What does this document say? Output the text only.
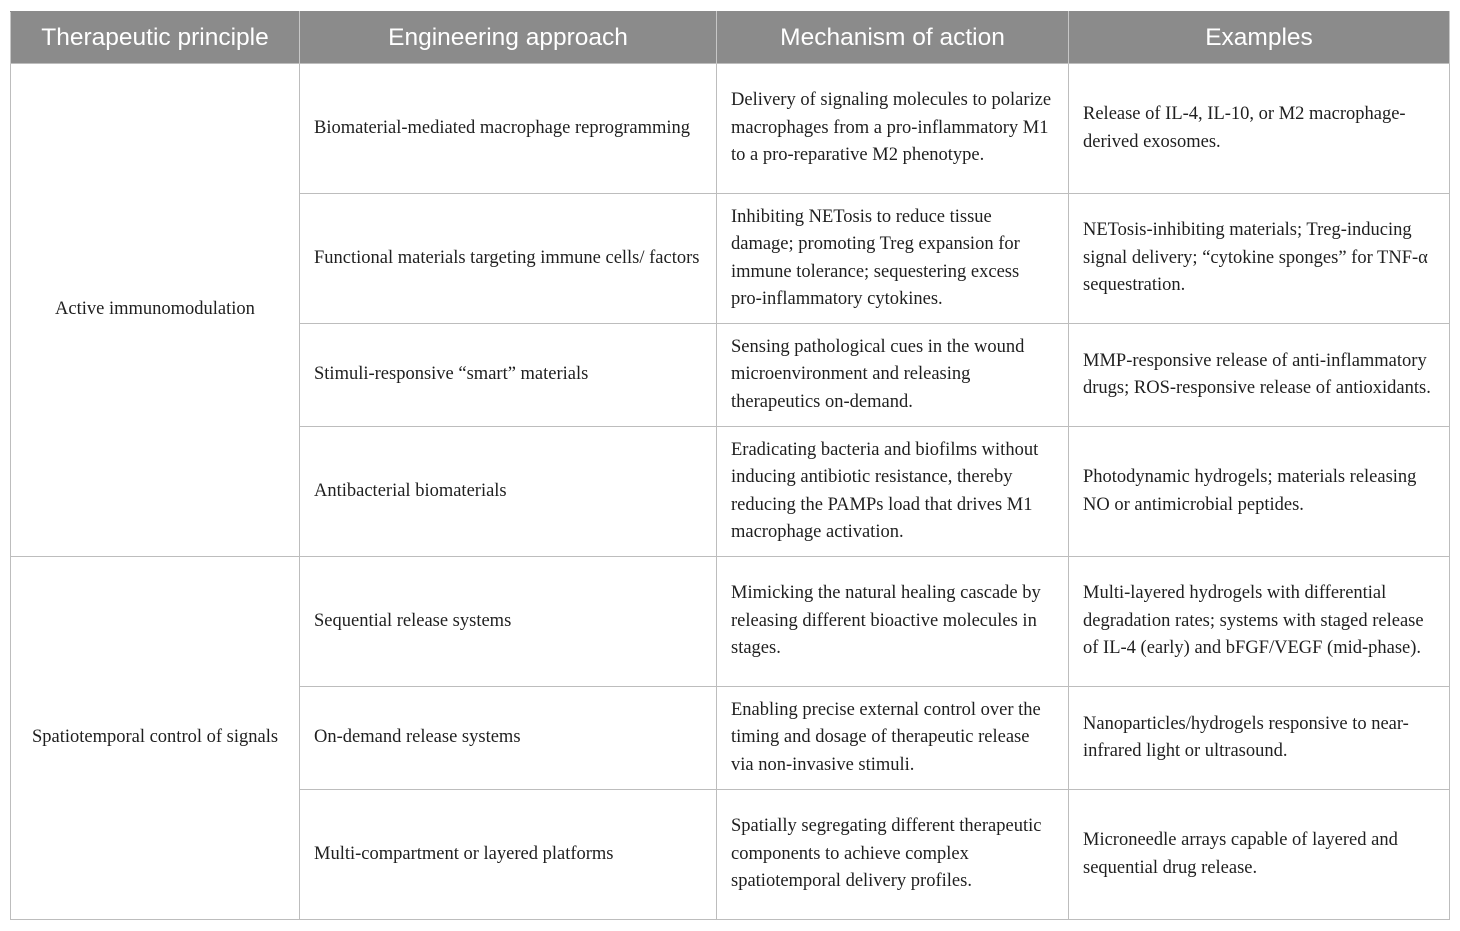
Therapeutic principle	Engineering approach	Mechanism of action	Examples
Active immunomodulation	Biomaterial-mediated macrophage reprogramming	Delivery of signaling molecules to polarize macrophages from a pro-inflammatory M1 to a pro-reparative M2 phenotype.	Release of IL-4, IL-10, or M2 macrophage-derived exosomes.
	Functional materials targeting immune cells/ factors	Inhibiting NETosis to reduce tissue damage; promoting Treg expansion for immune tolerance; sequestering excess pro-inflammatory cytokines.	NETosis-inhibiting materials; Treg-inducing signal delivery; “cytokine sponges” for TNF-α sequestration.
	Stimuli-responsive “smart” materials	Sensing pathological cues in the wound microenvironment and releasing therapeutics on-demand.	MMP-responsive release of anti-inflammatory drugs; ROS-responsive release of antioxidants.
	Antibacterial biomaterials	Eradicating bacteria and biofilms without inducing antibiotic resistance, thereby reducing the PAMPs load that drives M1 macrophage activation.	Photodynamic hydrogels; materials releasing NO or antimicrobial peptides.
Spatiotemporal control of signals	Sequential release systems	Mimicking the natural healing cascade by releasing different bioactive molecules in stages.	Multi-layered hydrogels with differential degradation rates; systems with staged release of IL-4 (early) and bFGF/VEGF (mid-phase).
	On-demand release systems	Enabling precise external control over the timing and dosage of therapeutic release via non-invasive stimuli.	Nanoparticles/hydrogels responsive to near-infrared light or ultrasound.
	Multi-compartment or layered platforms	Spatially segregating different therapeutic components to achieve complex spatiotemporal delivery profiles.	Microneedle arrays capable of layered and sequential drug release.
